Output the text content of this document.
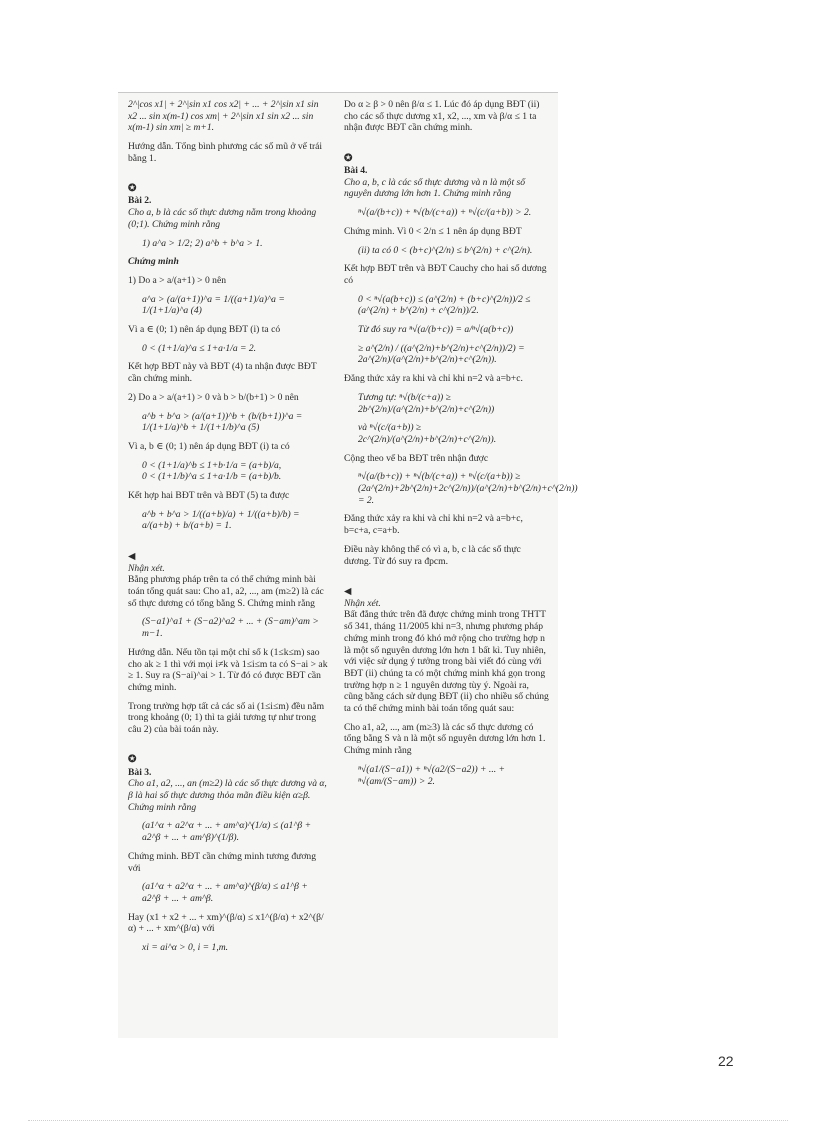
2^|cos x1| + 2^|sin x1 cos x2| + ... + 2^|sin x1 sin x2 ... sin x(m-1) cos xm| + 2^|sin x1 sin x2 ... sin x(m-1) sin xm| ≥ m+1.
Hướng dẫn. Tổng bình phương các số mũ ở vế trái bằng 1.

✪
Bài 2.
Cho a, b là các số thực dương nằm trong khoảng (0;1). Chứng minh rằng

1) a^a > 1/2; 2) a^b + b^a > 1.
Chứng minh
1) Do a > a/(a+1) > 0 nên
a^a > (a/(a+1))^a = 1/((a+1)/a)^a = 1/(1+1/a)^a (4)
Vì a ∈ (0; 1) nên áp dụng BĐT (i) ta có
0 < (1+1/a)^a ≤ 1+a·1/a = 2.
Kết hợp BĐT này và BĐT (4) ta nhận được BĐT cần chứng minh.
2) Do a > a/(a+1) > 0 và b > b/(b+1) > 0 nên
a^b + b^a > (a/(a+1))^b + (b/(b+1))^a = 1/(1+1/a)^b + 1/(1+1/b)^a (5)
Vì a, b ∈ (0; 1) nên áp dụng BĐT (i) ta có
0 < (1+1/a)^b ≤ 1+b·1/a = (a+b)/a,
0 < (1+1/b)^a ≤ 1+a·1/b = (a+b)/b.
Kết hợp hai BĐT trên và BĐT (5) ta được
a^b + b^a > 1/((a+b)/a) + 1/((a+b)/b) = a/(a+b) + b/(a+b) = 1.

◀
Nhận xét.
Bằng phương pháp trên ta có thể chứng minh bài toán tổng quát sau: Cho a1, a2, ..., am (m≥2) là các số thực dương có tổng bằng S. Chứng minh rằng

(S−a1)^a1 + (S−a2)^a2 + ... + (S−am)^am > m−1.
Hướng dẫn. Nếu tồn tại một chỉ số k (1≤k≤m) sao cho ak ≥ 1 thì với mọi i≠k và 1≤i≤m ta có S−ai > ak ≥ 1. Suy ra (S−ai)^ai > 1. Từ đó có được BĐT cần chứng minh.
Trong trường hợp tất cả các số ai (1≤i≤m) đều nằm trong khoảng (0; 1) thì ta giải tương tự như trong câu 2) của bài toán này.

✪
Bài 3.
Cho a1, a2, ..., an (m≥2) là các số thực dương và α, β là hai số thực dương thỏa mãn điều kiện α≥β. Chứng minh rằng

(a1^α + a2^α + ... + am^α)^(1/α) ≤ (a1^β + a2^β + ... + am^β)^(1/β).
Chứng minh. BĐT cần chứng minh tương đương với
(a1^α + a2^α + ... + am^α)^(β/α) ≤ a1^β + a2^β + ... + am^β.
Hay (x1 + x2 + ... + xm)^(β/α) ≤ x1^(β/α) + x2^(β/α) + ... + xm^(β/α) với
xi = ai^α > 0, i = 1,m.
Do α ≥ β > 0 nên β/α ≤ 1. Lúc đó áp dụng BĐT (ii) cho các số thực dương x1, x2, ..., xm và β/α ≤ 1 ta nhận được BĐT cần chứng minh.

✪
Bài 4.
Cho a, b, c là các số thực dương và n là một số nguyên dương lớn hơn 1. Chứng minh rằng

ⁿ√(a/(b+c)) + ⁿ√(b/(c+a)) + ⁿ√(c/(a+b)) > 2.
Chứng minh. Vì 0 < 2/n ≤ 1 nên áp dụng BĐT
(ii) ta có 0 < (b+c)^(2/n) ≤ b^(2/n) + c^(2/n).
Kết hợp BĐT trên và BĐT Cauchy cho hai số dương có
0 < ⁿ√(a(b+c)) ≤ (a^(2/n) + (b+c)^(2/n))/2 ≤ (a^(2/n) + b^(2/n) + c^(2/n))/2.
Từ đó suy ra ⁿ√(a/(b+c)) = a/ⁿ√(a(b+c))
≥ a^(2/n) / ((a^(2/n)+b^(2/n)+c^(2/n))/2) = 2a^(2/n)/(a^(2/n)+b^(2/n)+c^(2/n)).
Đẳng thức xảy ra khi và chỉ khi n=2 và a=b+c.
Tương tự: ⁿ√(b/(c+a)) ≥ 2b^(2/n)/(a^(2/n)+b^(2/n)+c^(2/n))
và ⁿ√(c/(a+b)) ≥ 2c^(2/n)/(a^(2/n)+b^(2/n)+c^(2/n)).
Cộng theo vế ba BĐT trên nhận được
ⁿ√(a/(b+c)) + ⁿ√(b/(c+a)) + ⁿ√(c/(a+b)) ≥ (2a^(2/n)+2b^(2/n)+2c^(2/n))/(a^(2/n)+b^(2/n)+c^(2/n)) = 2.
Đẳng thức xảy ra khi và chỉ khi n=2 và a=b+c, b=c+a, c=a+b.
Điều này không thể có vì a, b, c là các số thực dương. Từ đó suy ra đpcm.

◀
Nhận xét.
Bất đẳng thức trên đã được chứng minh trong THTT số 341, tháng 11/2005 khi n=3, nhưng phương pháp chứng minh trong đó khó mở rộng cho trường hợp n là một số nguyên dương lớn hơn 1 bất kì. Tuy nhiên, với việc sử dụng ý tưởng trong bài viết đó cùng với BĐT (ii) chúng ta có một chứng minh khá gọn trong trường hợp n ≥ 1 nguyên dương tùy ý. Ngoài ra, cũng bằng cách sử dụng BĐT (ii) cho nhiều số chúng ta có thể chứng minh bài toán tổng quát sau:

Cho a1, a2, ..., am (m≥3) là các số thực dương có tổng bằng S và n là một số nguyên dương lớn hơn 1. Chứng minh rằng
ⁿ√(a1/(S−a1)) + ⁿ√(a2/(S−a2)) + ... + ⁿ√(am/(S−am)) > 2.
22
